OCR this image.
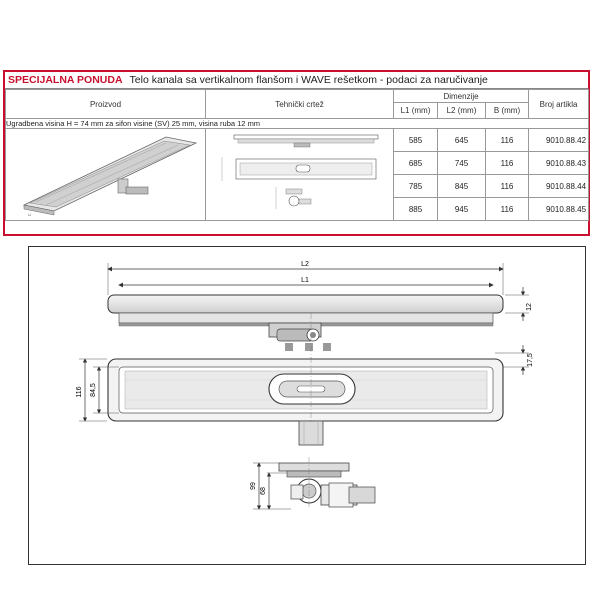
SPECIJALNA PONUDA Telo kanala sa vertikalnom flanšom i WAVE rešetkom - podaci za naručivanje
Proizvod	Tehnički crtež	Dimenzije			Broj artikla
		L1 (mm)	L2 (mm)	B (mm)	
Ugradbena visina H = 74 mm za sifon visine (SV) 25 mm, visina ruba 12 mm					

⊔		585	645	116	9010.88.42
		685	745	116	9010.88.43
		785	845	116	9010.88.44
		885	945	116	9010.88.45
L2
L1
12
17,5
116 84,5
99
68
